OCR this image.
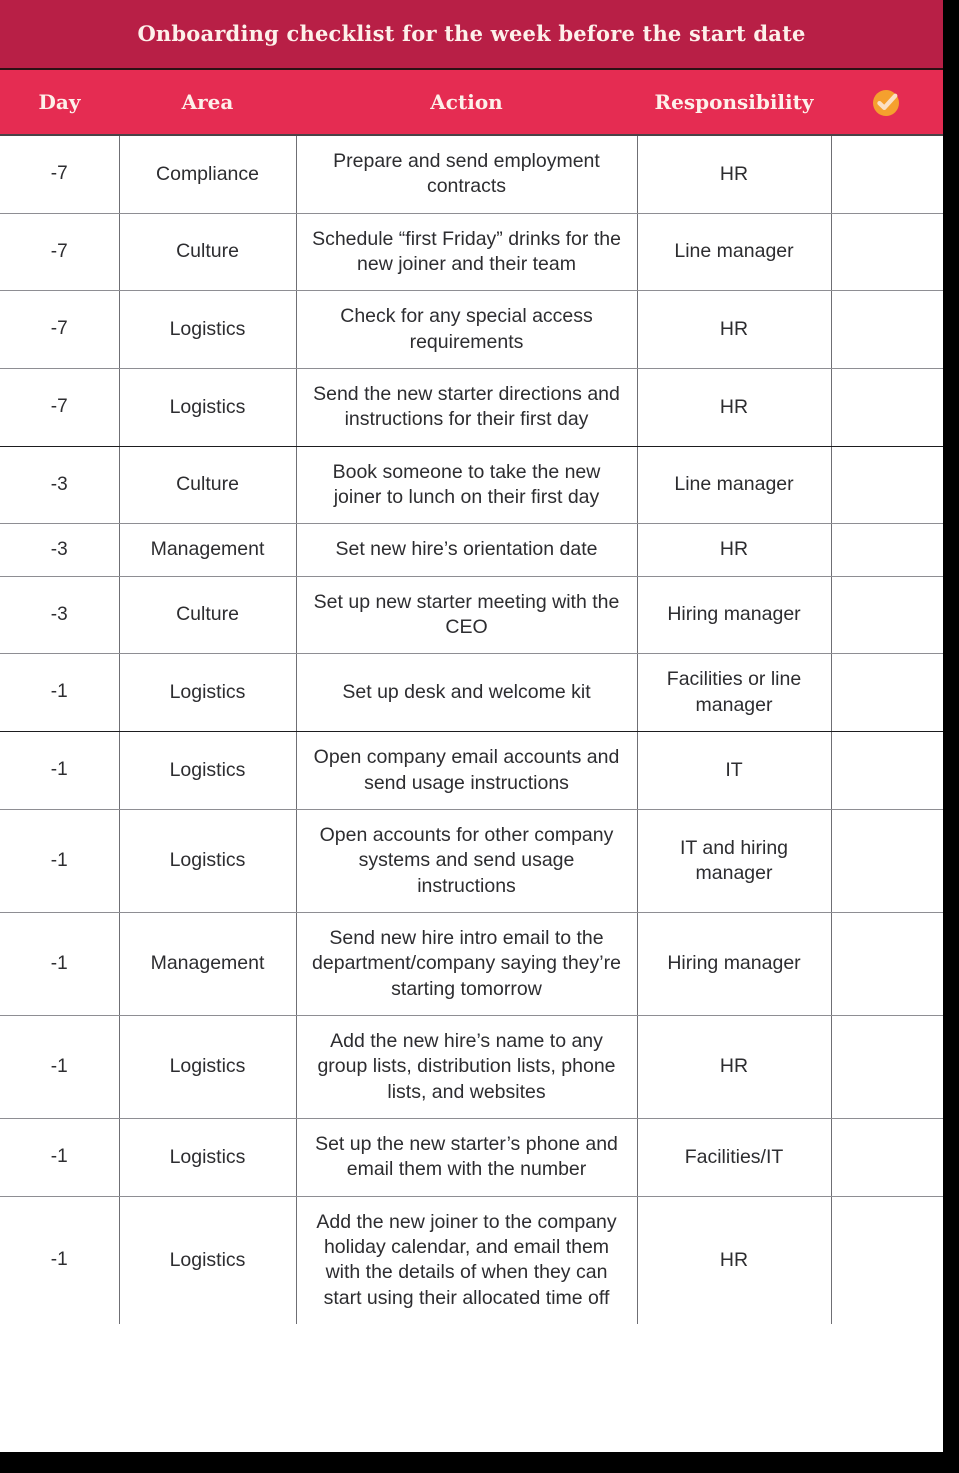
Onboarding checklist for the week before the start date
Day	Area	Action	Responsibility	

-7	Compliance	Prepare and send employment contracts	HR	
-7	Culture	Schedule “first Friday” drinks for the new joiner and their team	Line manager	
-7	Logistics	Check for any special access requirements	HR	
-7	Logistics	Send the new starter directions and instructions for their first day	HR	
-3	Culture	Book someone to take the new joiner to lunch on their first day	Line manager	
-3	Management	Set new hire’s orientation date	HR	
-3	Culture	Set up new starter meeting with the CEO	Hiring manager	
-1	Logistics	Set up desk and welcome kit	Facilities or line manager	
-1	Logistics	Open company email accounts and send usage instructions	IT	
-1	Logistics	Open accounts for other company systems and send usage instructions	IT and hiring manager	
-1	Management	Send new hire intro email to the department/company saying they’re starting tomorrow	Hiring manager	
-1	Logistics	Add the new hire’s name to any group lists, distribution lists, phone lists, and websites	HR	
-1	Logistics	Set up the new starter’s phone and email them with the number	Facilities/IT	
-1	Logistics	Add the new joiner to the company holiday calendar, and email them with the details of when they can start using their allocated time off	HR	
